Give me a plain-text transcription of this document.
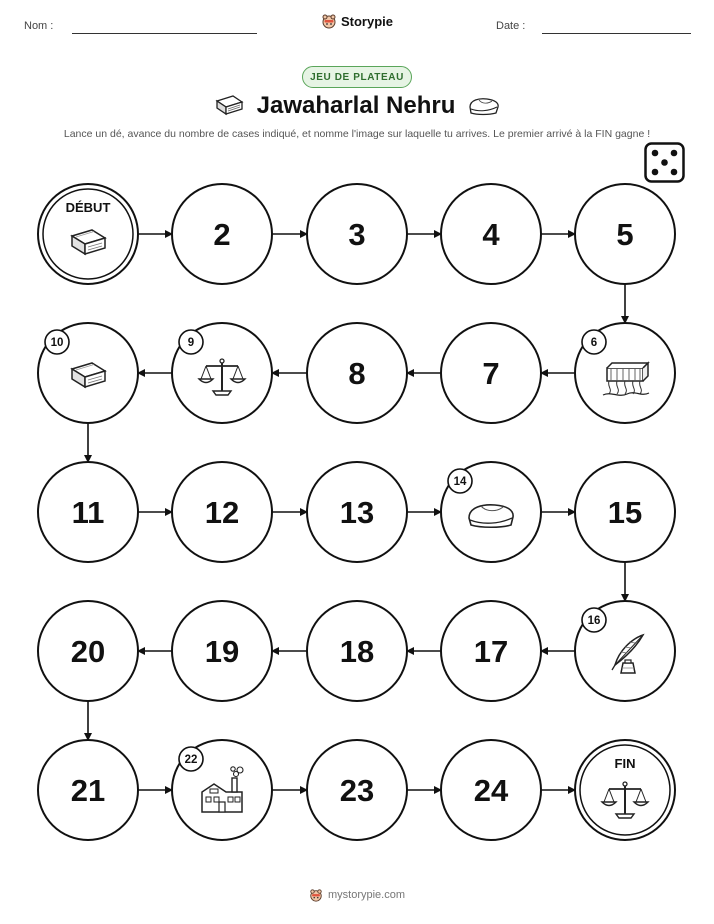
Nom :	Storypie	Date :
JEU DE PLATEAU
Jawaharlal Nehru
Lance un dé, avance du nombre de cases indiqué, et nomme l'image sur laquelle tu arrives. Le premier arrivé à la FIN gagne !
DÉBUT
2	3	4	5
6
7
8
9
10
11	12	13
14
15
16
17
18
19
20
21
22
23	24
FIN
mystorypie.com
